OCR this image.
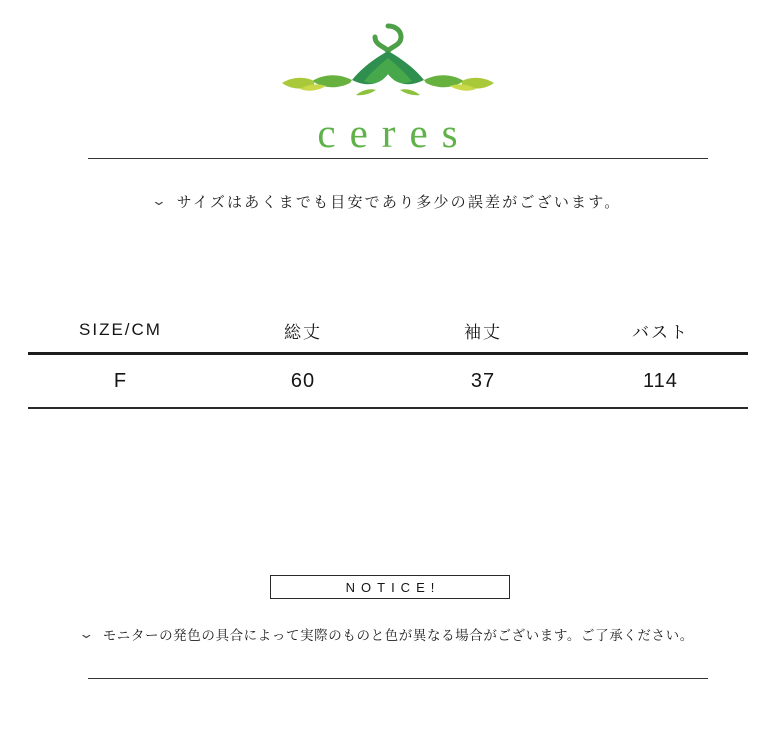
ceres
⌄ サイズはあくまでも目安であり多少の誤差がございます。
SIZE/CM	総丈	袖丈	バスト
F	60	37	114
NOTICE!
⌄ モニターの発色の具合によって実際のものと色が異なる場合がございます。ご了承ください。
